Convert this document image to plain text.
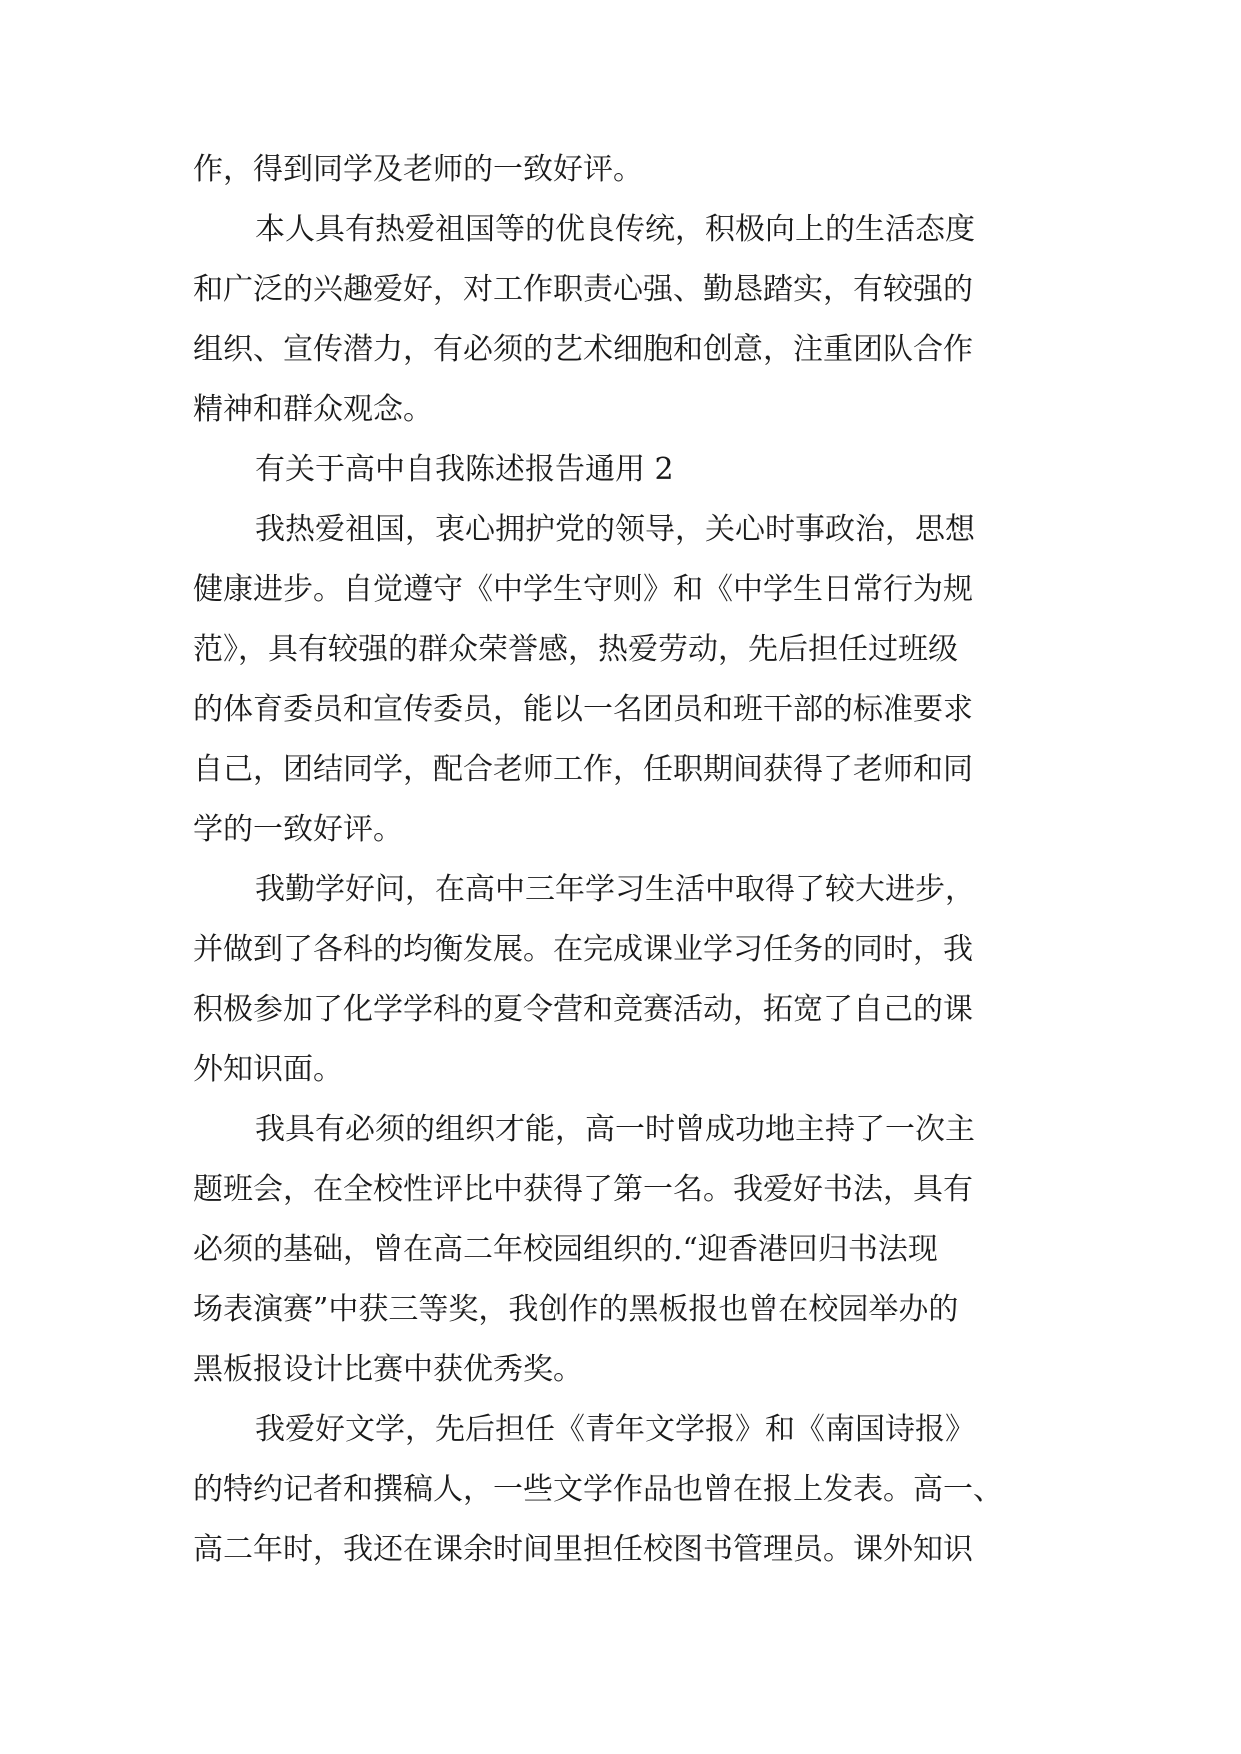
作，得到同学及老师的一致好评。
本人具有热爱祖国等的优良传统，积极向上的生活态度
和广泛的兴趣爱好，对工作职责心强、勤恳踏实，有较强的
组织、宣传潜力，有必须的艺术细胞和创意，注重团队合作
精神和群众观念。
有关于高中自我陈述报告通用 2
我热爱祖国，衷心拥护党的领导，关心时事政治，思想
健康进步。自觉遵守《中学生守则》和《中学生日常行为规
范》，具有较强的群众荣誉感，热爱劳动，先后担任过班级
的体育委员和宣传委员，能以一名团员和班干部的标准要求
自己，团结同学，配合老师工作，任职期间获得了老师和同
学的一致好评。
我勤学好问，在高中三年学习生活中取得了较大进步，
并做到了各科的均衡发展。在完成课业学习任务的同时，我
积极参加了化学学科的夏令营和竞赛活动，拓宽了自己的课
外知识面。
我具有必须的组织才能，高一时曾成功地主持了一次主
题班会，在全校性评比中获得了第一名。我爱好书法，具有
必须的基础，曾在高二年校园组织的.“迎香港回归书法现
场表演赛”中获三等奖，我创作的黑板报也曾在校园举办的
黑板报设计比赛中获优秀奖。
我爱好文学，先后担任《青年文学报》和《南国诗报》
的特约记者和撰稿人，一些文学作品也曾在报上发表。高一、
高二年时，我还在课余时间里担任校图书管理员。课外知识
